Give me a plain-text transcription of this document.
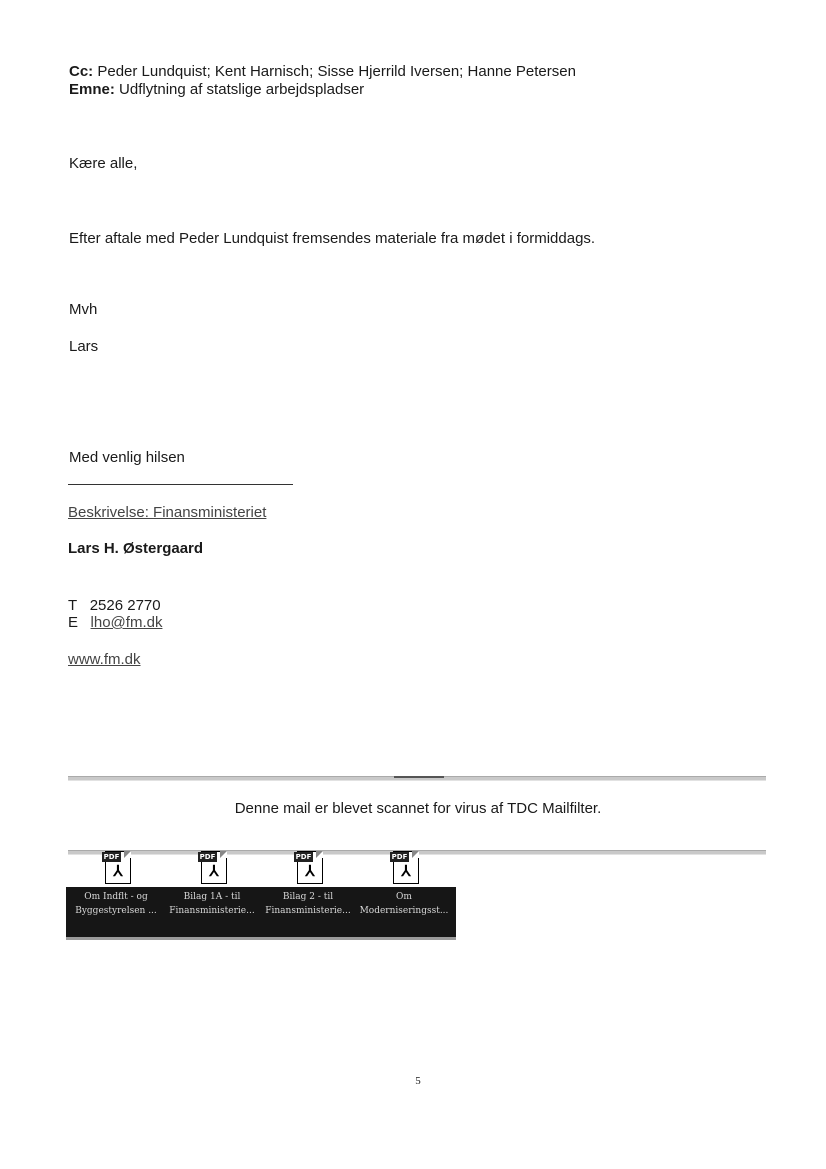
Cc: Peder Lundquist; Kent Harnisch; Sisse Hjerrild Iversen; Hanne Petersen
Emne: Udflytning af statslige arbejdspladser
Kære alle,
Efter aftale med Peder Lundquist fremsendes materiale fra mødet i formiddags.
Mvh
Lars
Med venlig hilsen
Beskrivelse: Finansministeriet
Lars H. Østergaard
T 2526 2770
E lho@fm.dk
www.fm.dk
Denne mail er blevet scannet for virus af TDC Mailfilter.
PDF
⅄
PDF
⅄
PDF
⅄
PDF
⅄
Om Indflt - og
Byggestyrelsen ...
Bilag 1A - til
Finansministerie...
Bilag 2 - til
Finansministerie...
Om
Moderniseringsst...
5
